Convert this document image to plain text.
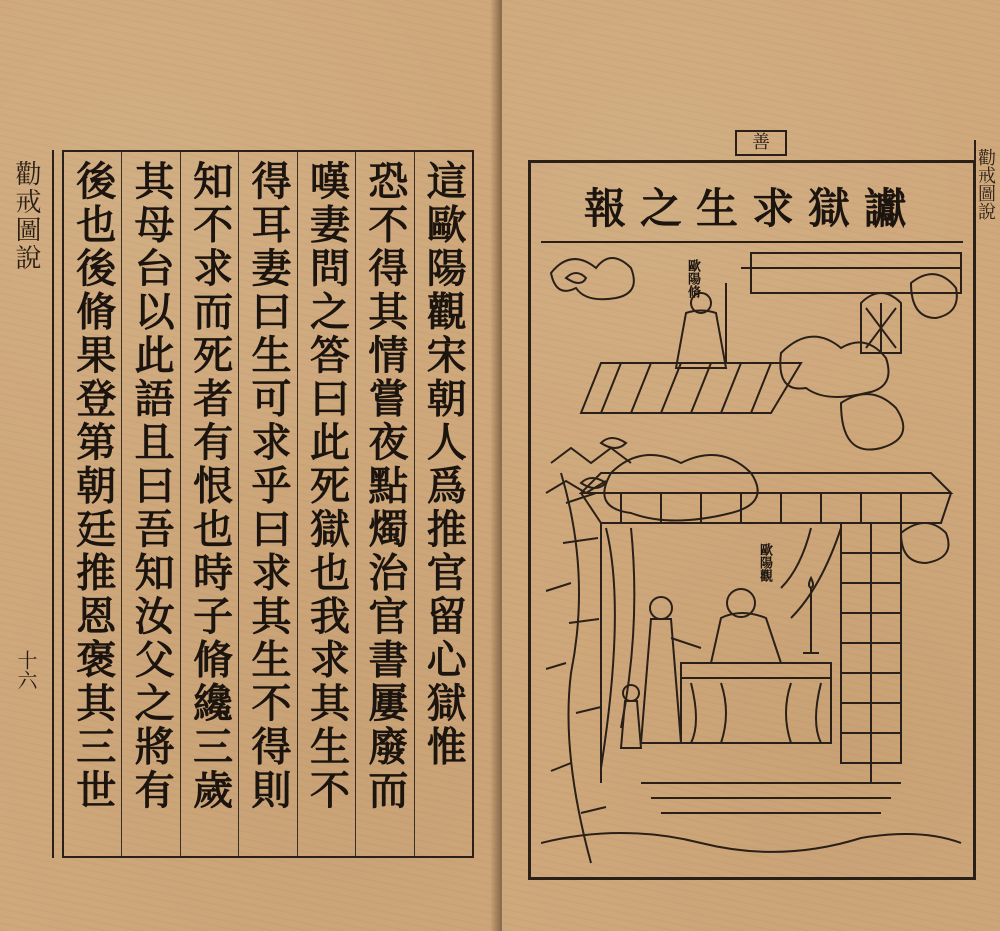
勸戒圖說
十六	這歐陽觀宋朝人爲推官留心獄惟
恐不得其情嘗夜點燭治官書屢廢而
嘆妻問之答曰此死獄也我求其生不
得耳妻曰生可求乎曰求其生不得則
知不求而死者有恨也時子脩纔三歲
其母台以此語且曰吾知汝父之將有
後也後脩果登第朝廷推恩褒其三世
善
勸戒圖說
讞獄求生之報
歐陽脩
歐陽觀
